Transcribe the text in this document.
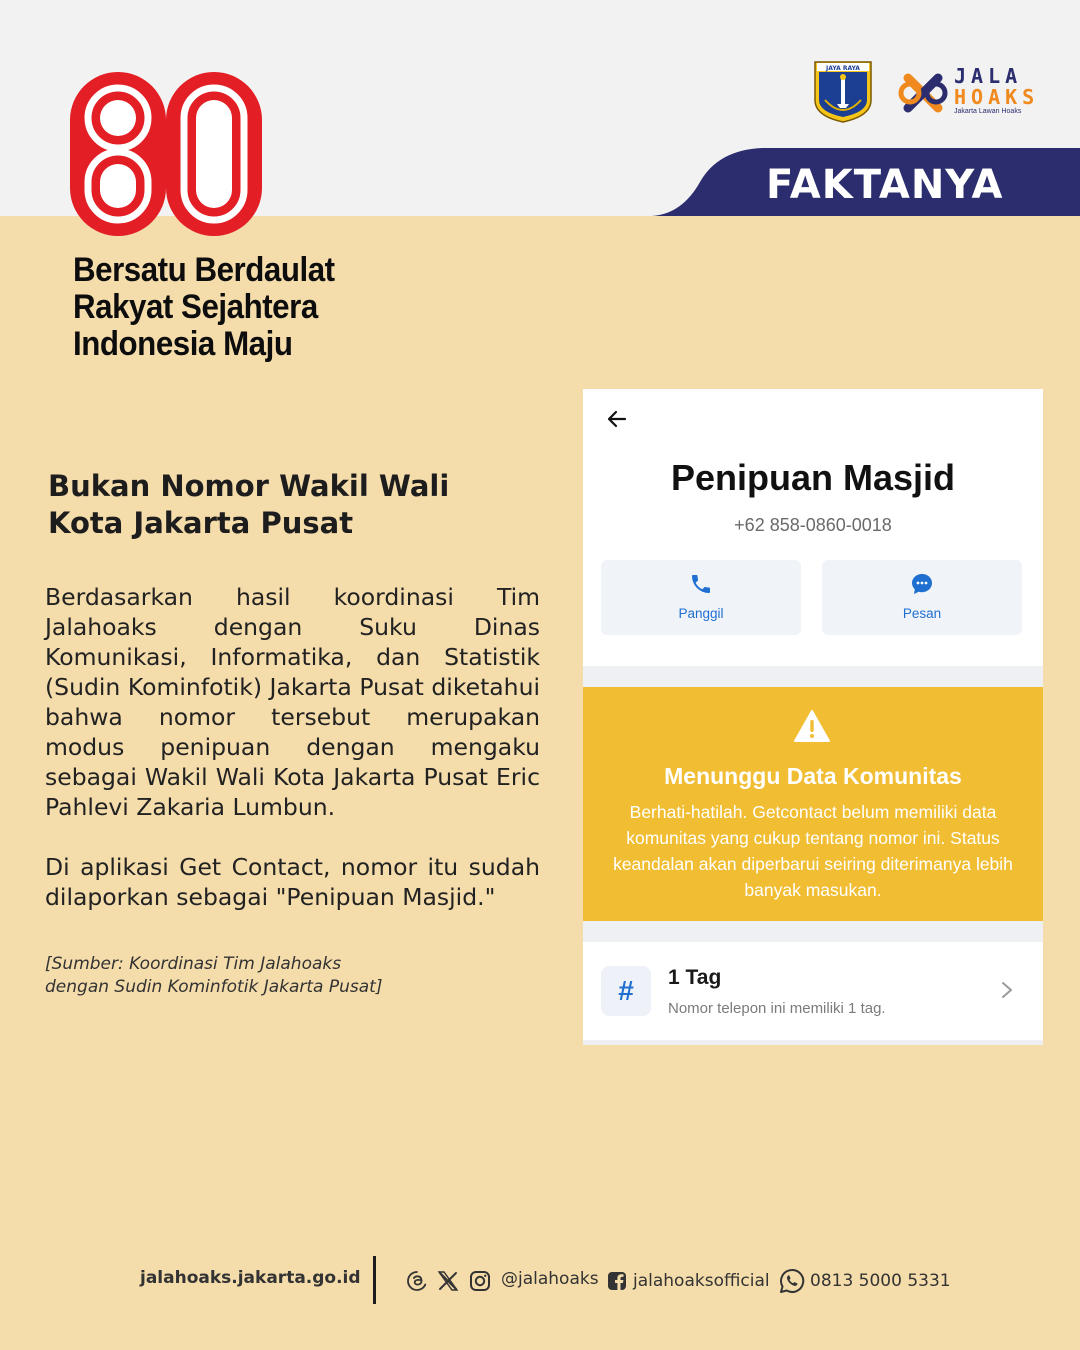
80
Bersatu Berdaulat
Rakyat Sejahtera
Indonesia Maju
JAYA RAYA	JALA
HOAKS
Jakarta Lawan Hoaks
FAKTANYA
Bukan Nomor Wakil Wali Kota Jakarta Pusat

Berdasarkan hasil koordinasi Tim Jalahoaks dengan Suku Dinas Komunikasi, Informatika, dan Statistik (Sudin Kominfotik) Jakarta Pusat diketahui bahwa nomor tersebut merupakan modus penipuan dengan mengaku sebagai Wakil Wali Kota Jakarta Pusat Eric Pahlevi Zakaria Lumbun.

Di aplikasi Get Contact, nomor itu sudah dilaporkan sebagai "Penipuan Masjid."

[Sumber: Koordinasi Tim Jalahoaks
dengan Sudin Kominfotik Jakarta Pusat]
Penipuan Masjid
+62 858-0860-0018
Panggil	Pesan
Menunggu Data Komunitas
Berhati-hatilah. Getcontact belum memiliki data komunitas yang cukup tentang nomor ini. Status keandalan akan diperbarui seiring diterimanya lebih banyak masukan.
#	1 Tag
Nomor telepon ini memiliki 1 tag.
jalahoaks.jakarta.go.id	@jalahoaks jalahoaksofficial 0813 5000 5331
